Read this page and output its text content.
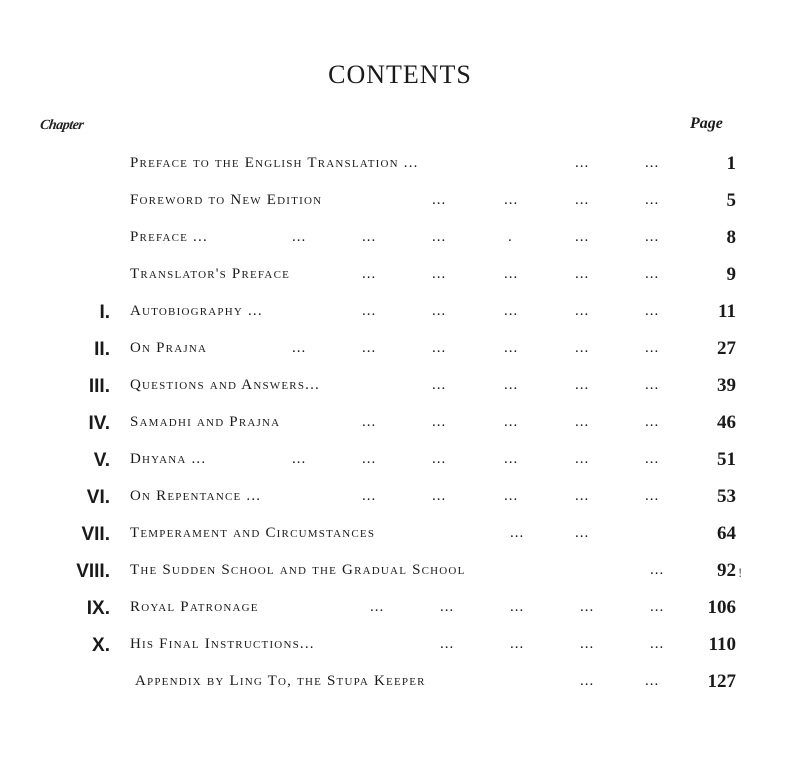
CONTENTS
Chapter	Page
Preface to the English Translation ...	...	...	1
Foreword to New Edition	...	...	...	...	5
Preface ...	...	...	...	.	...	...	8
Translator's Preface	...	...	...	...	...	9
I. Autobiography ...	...	...	...	...	...	11
II. On Prajna	...	...	...	...	...	...	27
III. Questions and Answers...	...	...	...	...	39
IV. Samadhi and Prajna	...	...	...	...	...	46
V. Dhyana ...	...	...	...	...	...	...	51
VI. On Repentance ...	...	...	...	...	...	53
VII. Temperament and Circumstances	...	...	64
VIII. The Sudden School and the Gradual School	...	92
IX. Royal Patronage	...	...	...	...	... 106
X. His Final Instructions...	...	...	...	... 110
Appendix by Ling To, the Stupa Keeper	...	...	127
!
